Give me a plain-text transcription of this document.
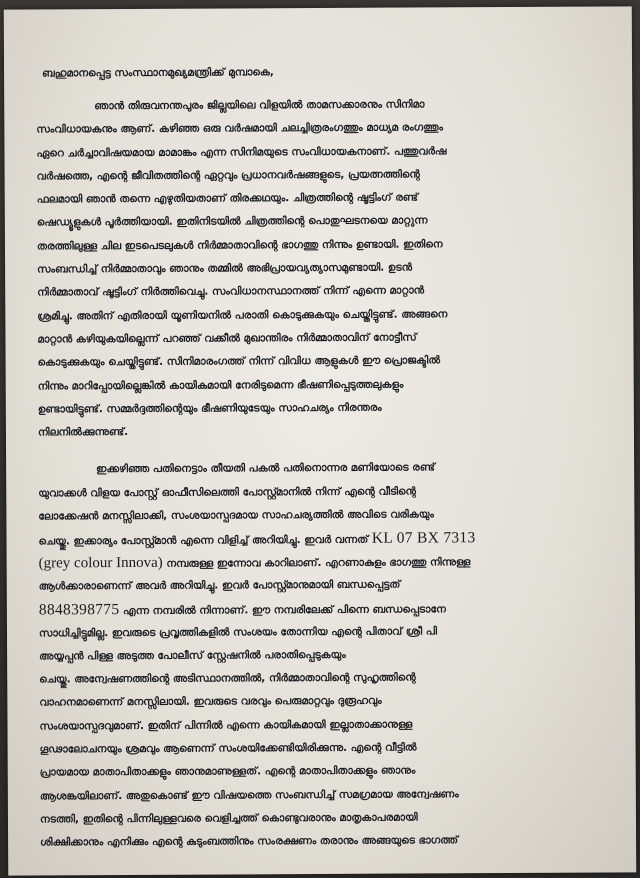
ബഹുമാനപ്പെട്ട സംസ്ഥാനമുഖ്യമന്ത്രിക്ക് മുമ്പാകെ,
ഞാൻ തിരുവനന്തപുരം ജില്ലയിലെ വിളയിൽ താമസക്കാരനും സിനിമാ
സംവിധായകനും ആണ്. കഴിഞ്ഞ ഒരു വർഷമായി ചലച്ചിത്രരംഗത്തും മാധ്യമ രംഗത്തും
ഏറെ ചർച്ചാവിഷയമായ മാമാങ്കം എന്ന സിനിമയുടെ സംവിധായകനാണ്. പത്തുവർഷ
വർഷത്തെ, എന്റെ ജീവിതത്തിന്റെ ഏറ്റവും പ്രധാനവർഷങ്ങളുടെ, പ്രയത്നത്തിന്റെ
ഫലമായി ഞാൻ തന്നെ എഴുതിയതാണ് തിരക്കഥയും. ചിത്രത്തിന്റെ ഷൂട്ടിംഗ് രണ്ട്
ഷെഡ്യൂളുകൾ പൂർത്തിയായി. ഇതിനിടയിൽ ചിത്രത്തിന്റെ പൊതുഘടനയെ മാറ്റുന്ന
തരത്തിലുള്ള ചില ഇടപെടലുകൾ നിർമ്മാതാവിന്റെ ഭാഗത്തു നിന്നും ഉണ്ടായി. ഇതിനെ
സംബന്ധിച്ച് നിർമ്മാതാവും ഞാനും തമ്മിൽ അഭിപ്രായവ്യത്യാസമുണ്ടായി. ഉടൻ
നിർമ്മാതാവ് ഷൂട്ടിംഗ് നിർത്തിവെച്ചു. സംവിധാനസ്ഥാനത്ത് നിന്ന് എന്നെ മാറ്റാൻ
ശ്രമിച്ചു. അതിന് എതിരായി യൂണിയനിൽ പരാതി കൊടുക്കുകയും ചെയ്തിട്ടുണ്ട്. അങ്ങനെ
മാറ്റാൻ കഴിയുകയില്ലെന്ന് പറഞ്ഞ് വക്കീൽ മുഖാന്തിരം നിർമ്മാതാവിന് നോട്ടീസ്
കൊടുക്കുകയും ചെയ്തിട്ടുണ്ട്. സിനിമാരംഗത്ത് നിന്ന് വിവിധ ആളുകൾ ഈ പ്രൊജക്ടിൽ
നിന്നും മാറിപ്പോയില്ലെങ്കിൽ കായികമായി നേരിടുമെന്ന ഭീഷണിപ്പെടുത്തലുകളും
ഉണ്ടായിട്ടുണ്ട്. സമ്മർദ്ദത്തിന്റെയും ഭീഷണിയുടേയും സാഹചര്യം നിരന്തരം
നിലനിൽക്കുന്നുണ്ട്.
ഇക്കഴിഞ്ഞ പതിനെട്ടാം തീയതി പകൽ പതിനൊന്നര മണിയോടെ രണ്ട്
യുവാക്കൾ വിളയ പോസ്റ്റ് ഓഫീസിലെത്തി പോസ്റ്റ്മാനിൽ നിന്ന് എന്റെ വീടിന്റെ
ലോക്കേഷൻ മനസ്സിലാക്കി, സംശയാസ്പദമായ സാഹചര്യത്തിൽ അവിടെ വരികയും
ചെയ്തു. ഇക്കാര്യം പോസ്റ്റ്മാൻ എന്നെ വിളിച്ച് അറിയിച്ചു. ഇവർ വന്നത് KL 07 BX 7313
(grey colour Innova) നമ്പരുള്ള ഇന്നോവ കാറിലാണ്. എറണാകുളം ഭാഗത്തു നിന്നുള്ള
ആൾക്കാരാണെന്ന് അവർ അറിയിച്ചു. ഇവർ പോസ്റ്റ്മാനുമായി ബന്ധപ്പെട്ടത്
8848398775 എന്ന നമ്പരിൽ നിന്നാണ്. ഈ നമ്പരിലേക്ക് പിന്നെ ബന്ധപ്പെടാനേ
സാധിച്ചിട്ടുമില്ല. ഇവരുടെ പ്രവൃത്തികളിൽ സംശയം തോന്നിയ എന്റെ പിതാവ് ശ്രീ പി
അയ്യപ്പൻ പിള്ള അടുത്ത പോലീസ് സ്റ്റേഷനിൽ പരാതിപ്പെടുകയും
ചെയ്തു. അന്വേഷണത്തിന്റെ അടിസ്ഥാനത്തിൽ, നിർമ്മാതാവിന്റെ സുഹൃത്തിന്റെ
വാഹനമാണെന്ന് മനസ്സിലായി. ഇവരുടെ വരവും പെരുമാറ്റവും ദുരൂഹവും
സംശയാസ്പദവുമാണ്. ഇതിന് പിന്നിൽ എന്നെ കായികമായി ഇല്ലാതാക്കാനുള്ള
ഗൂഢാലോചനയും ശ്രമവും ആണെന്ന് സംശയിക്കേണ്ടിയിരിക്കുന്നു. എന്റെ വീട്ടിൽ
പ്രായമായ മാതാപിതാക്കളും ഞാനുമാണുള്ളത്. എന്റെ മാതാപിതാക്കളും ഞാനും
ആശങ്കയിലാണ്. അതുകൊണ്ട് ഈ വിഷയത്തെ സംബന്ധിച്ച് സമഗ്രമായ അന്വേഷണം
നടത്തി, ഇതിന്റെ പിന്നിലുള്ളവരെ വെളിച്ചത്ത് കൊണ്ടുവരാനും മാതൃകാപരമായി
ശിക്ഷിക്കാനും എനിക്കും എന്റെ കുടുംബത്തിനും സംരക്ഷണം തരാനും അങ്ങയുടെ ഭാഗത്ത്
